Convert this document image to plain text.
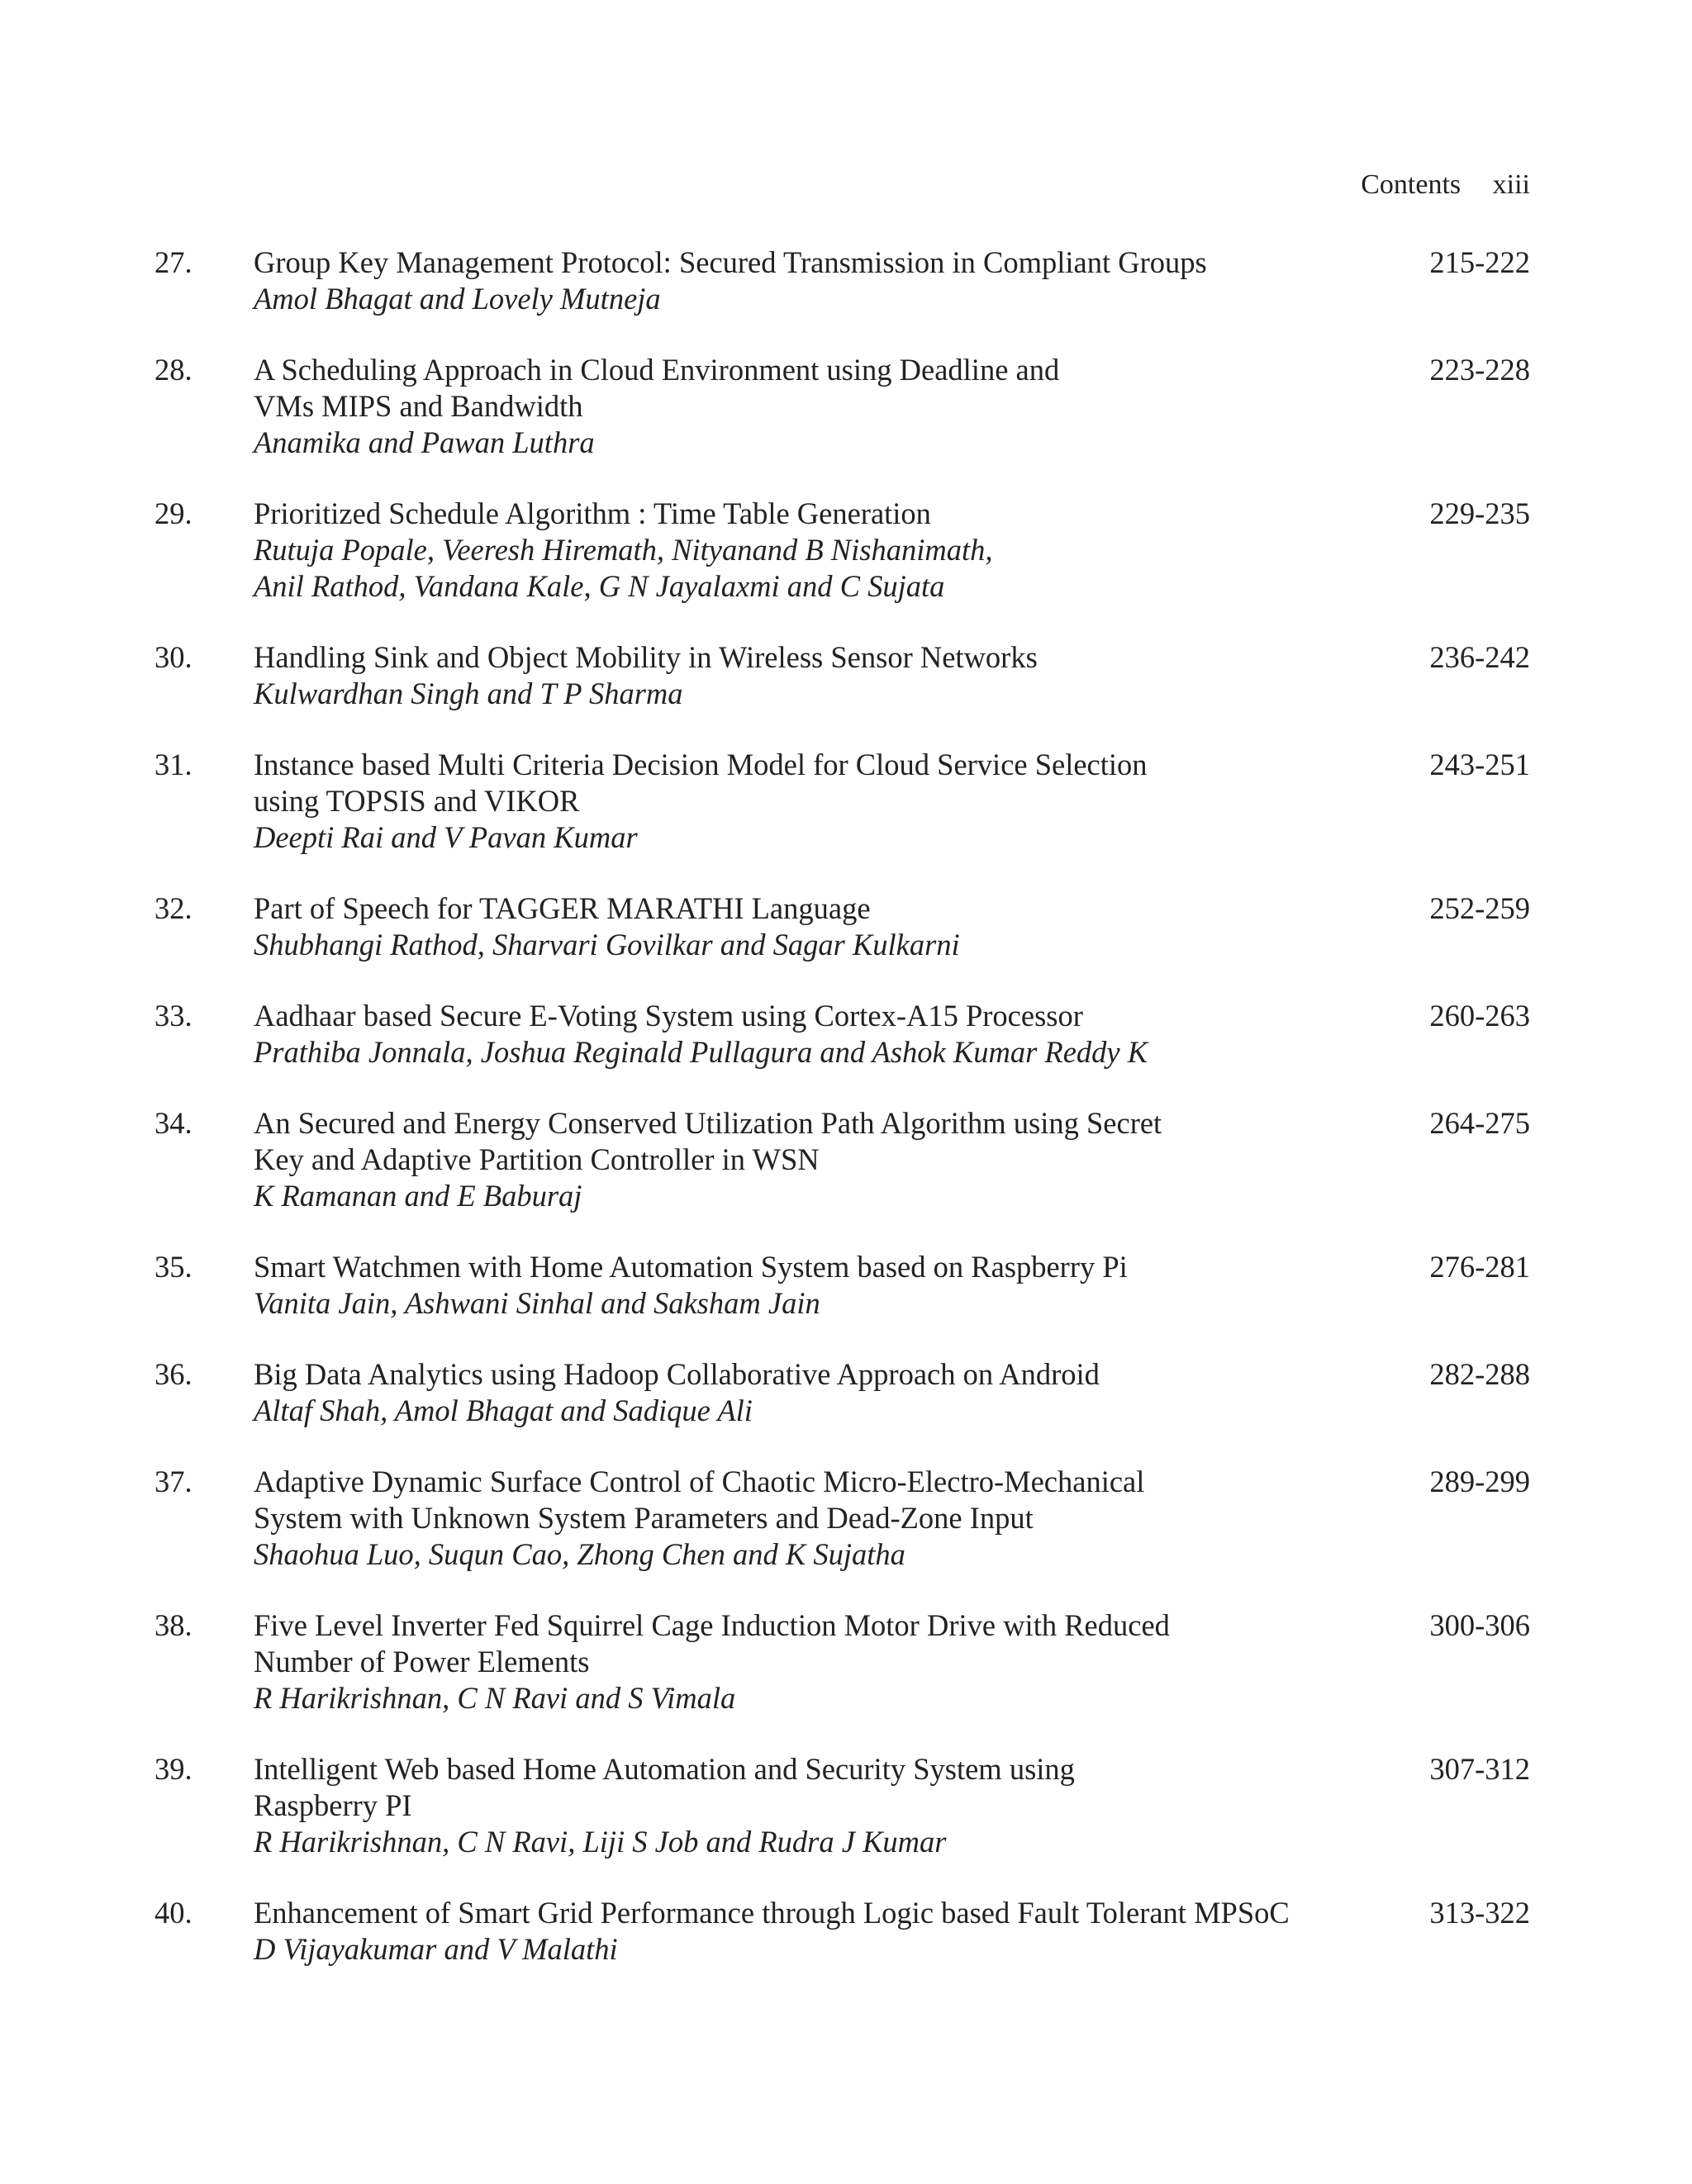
Contents xiii
27. Group Key Management Protocol: Secured Transmission in Compliant Groups
Amol Bhagat and Lovely Mutneja
215-222
28. A Scheduling Approach in Cloud Environment using Deadline and
VMs MIPS and Bandwidth
Anamika and Pawan Luthra
223-228
29. Prioritized Schedule Algorithm : Time Table Generation
Rutuja Popale, Veeresh Hiremath, Nityanand B Nishanimath,
Anil Rathod, Vandana Kale, G N Jayalaxmi and C Sujata
229-235
30. Handling Sink and Object Mobility in Wireless Sensor Networks
Kulwardhan Singh and T P Sharma
236-242
31. Instance based Multi Criteria Decision Model for Cloud Service Selection
using TOPSIS and VIKOR
Deepti Rai and V Pavan Kumar
243-251
32. Part of Speech for TAGGER MARATHI Language
Shubhangi Rathod, Sharvari Govilkar and Sagar Kulkarni
252-259
33. Aadhaar based Secure E-Voting System using Cortex-A15 Processor
Prathiba Jonnala, Joshua Reginald Pullagura and Ashok Kumar Reddy K
260-263
34. An Secured and Energy Conserved Utilization Path Algorithm using Secret
Key and Adaptive Partition Controller in WSN
K Ramanan and E Baburaj
264-275
35. Smart Watchmen with Home Automation System based on Raspberry Pi
Vanita Jain, Ashwani Sinhal and Saksham Jain
276-281
36. Big Data Analytics using Hadoop Collaborative Approach on Android
Altaf Shah, Amol Bhagat and Sadique Ali
282-288
37. Adaptive Dynamic Surface Control of Chaotic Micro-Electro-Mechanical
System with Unknown System Parameters and Dead-Zone Input
Shaohua Luo, Suqun Cao, Zhong Chen and K Sujatha
289-299
38. Five Level Inverter Fed Squirrel Cage Induction Motor Drive with Reduced
Number of Power Elements
R Harikrishnan, C N Ravi and S Vimala
300-306
39. Intelligent Web based Home Automation and Security System using
Raspberry PI
R Harikrishnan, C N Ravi, Liji S Job and Rudra J Kumar
307-312
40. Enhancement of Smart Grid Performance through Logic based Fault Tolerant MPSoC
D Vijayakumar and V Malathi
313-322
